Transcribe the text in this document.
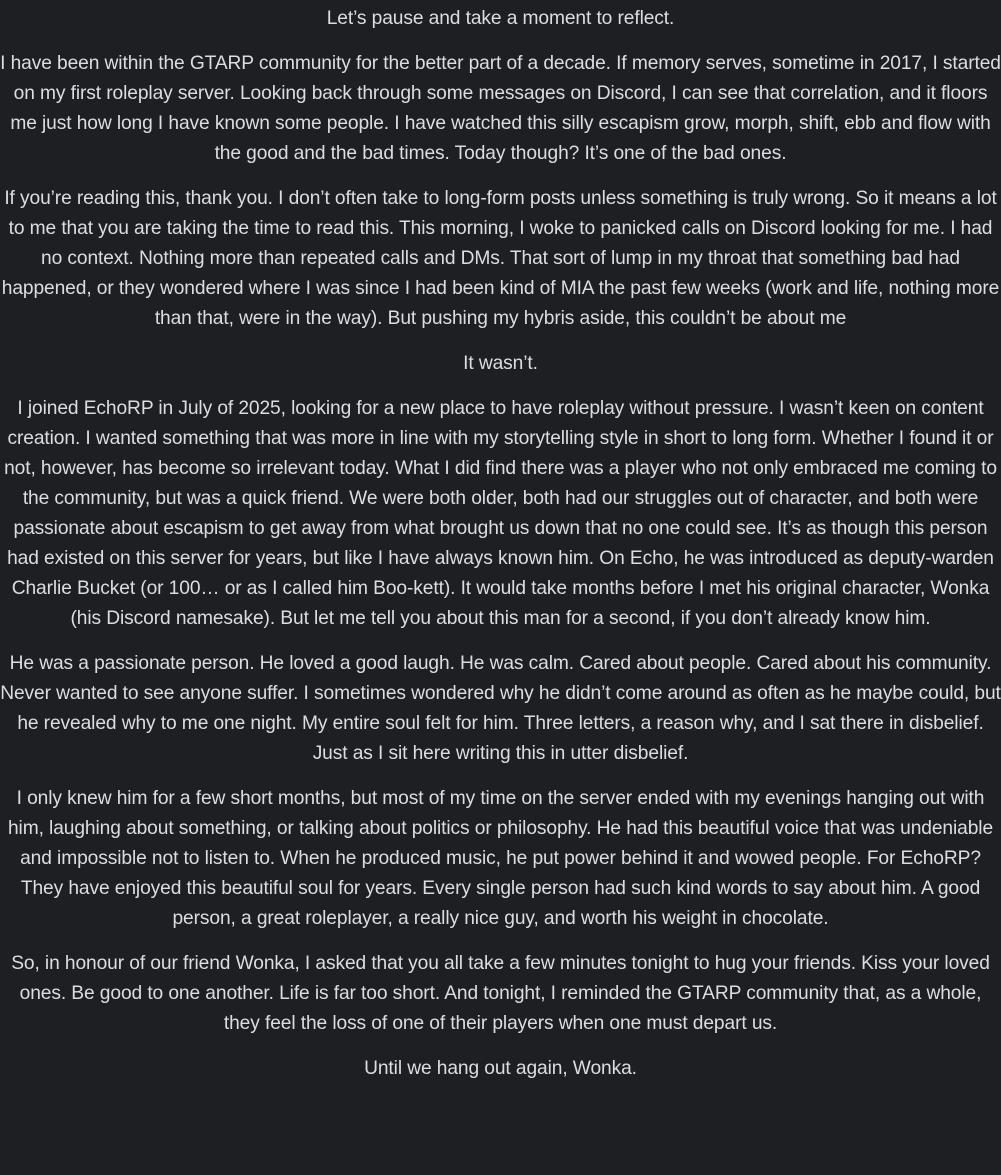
Let’s pause and take a moment to reflect.

I have been within the GTARP community for the better part of a decade. If memory serves, sometime in 2017, I started on my first roleplay server. Looking back through some messages on Discord, I can see that correlation, and it floors me just how long I have known some people. I have watched this silly escapism grow, morph, shift, ebb and flow with the good and the bad times. Today though? It’s one of the bad ones.

If you’re reading this, thank you. I don’t often take to long-form posts unless something is truly wrong. So it means a lot to me that you are taking the time to read this. This morning, I woke to panicked calls on Discord looking for me. I had no context. Nothing more than repeated calls and DMs. That sort of lump in my throat that something bad had happened, or they wondered where I was since I had been kind of MIA the past few weeks (work and life, nothing more than that, were in the way). But pushing my hybris aside, this couldn’t be about me

It wasn’t.

I joined EchoRP in July of 2025, looking for a new place to have roleplay without pressure. I wasn’t keen on content creation. I wanted something that was more in line with my storytelling style in short to long form. Whether I found it or not, however, has become so irrelevant today. What I did find there was a player who not only embraced me coming to the community, but was a quick friend. We were both older, both had our struggles out of character, and both were passionate about escapism to get away from what brought us down that no one could see. It’s as though this person had existed on this server for years, but like I have always known him. On Echo, he was introduced as deputy-warden Charlie Bucket (or 100… or as I called him Boo-kett). It would take months before I met his original character, Wonka (his Discord namesake). But let me tell you about this man for a second, if you don’t already know him.

He was a passionate person. He loved a good laugh. He was calm. Cared about people. Cared about his community. Never wanted to see anyone suffer. I sometimes wondered why he didn’t come around as often as he maybe could, but he revealed why to me one night. My entire soul felt for him. Three letters, a reason why, and I sat there in disbelief. Just as I sit here writing this in utter disbelief.

I only knew him for a few short months, but most of my time on the server ended with my evenings hanging out with him, laughing about something, or talking about politics or philosophy. He had this beautiful voice that was undeniable and impossible not to listen to. When he produced music, he put power behind it and wowed people. For EchoRP? They have enjoyed this beautiful soul for years. Every single person had such kind words to say about him. A good person, a great roleplayer, a really nice guy, and worth his weight in chocolate.

So, in honour of our friend Wonka, I asked that you all take a few minutes tonight to hug your friends. Kiss your loved ones. Be good to one another. Life is far too short. And tonight, I reminded the GTARP community that, as a whole, they feel the loss of one of their players when one must depart us.

Until we hang out again, Wonka.
